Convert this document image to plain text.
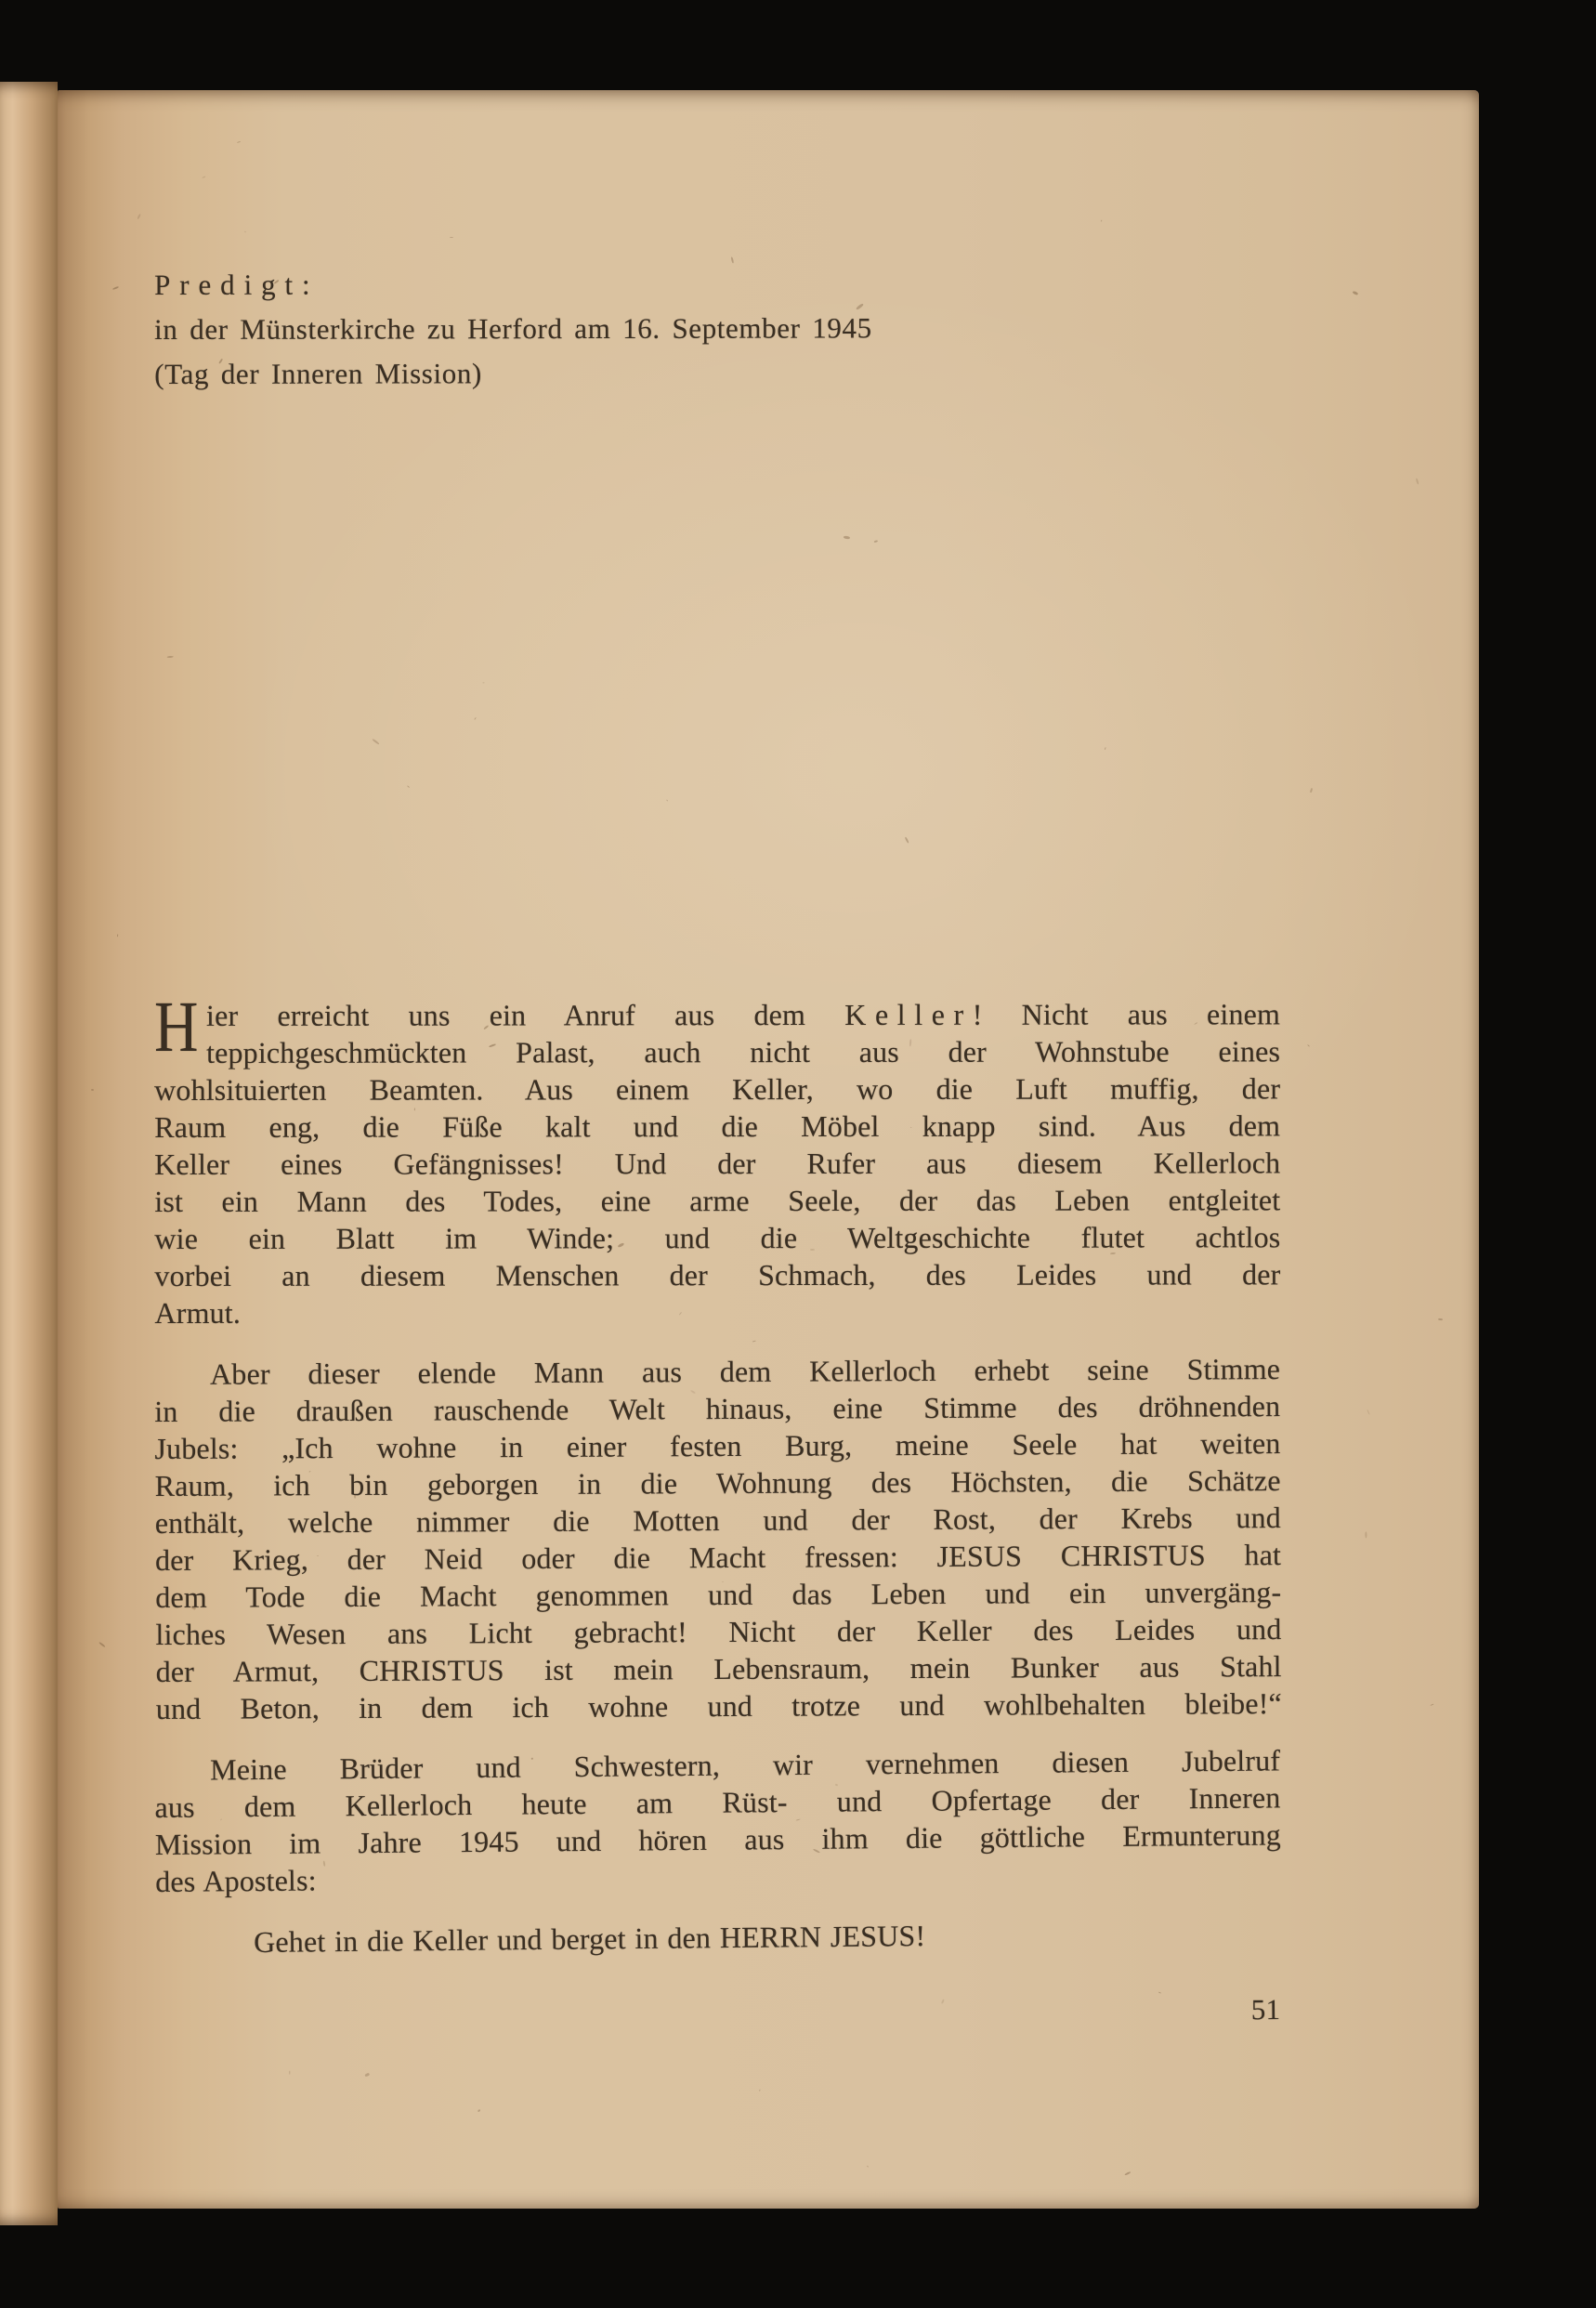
Predigt:
in der Münsterkirche zu Herford am 16. September 1945
(Tag der Inneren Mission)
H ier erreicht uns ein Anruf aus dem Keller! Nicht aus einem
teppichgeschmückten Palast, auch nicht aus der Wohnstube eines
wohlsituierten Beamten. Aus einem Keller, wo die Luft muffig, der
Raum eng, die Füße kalt und die Möbel knapp sind. Aus dem
Keller eines Gefängnisses! Und der Rufer aus diesem Kellerloch
ist ein Mann des Todes, eine arme Seele, der das Leben entgleitet
wie ein Blatt im Winde; und die Weltgeschichte flutet achtlos
vorbei an diesem Menschen der Schmach, des Leides und der
Armut.
Aber dieser elende Mann aus dem Kellerloch erhebt seine Stimme
in die draußen rauschende Welt hinaus, eine Stimme des dröhnenden
Jubels: „Ich wohne in einer festen Burg, meine Seele hat weiten
Raum, ich bin geborgen in die Wohnung des Höchsten, die Schätze
enthält, welche nimmer die Motten und der Rost, der Krebs und
der Krieg, der Neid oder die Macht fressen: JESUS CHRISTUS hat
dem Tode die Macht genommen und das Leben und ein unvergäng-
liches Wesen ans Licht gebracht! Nicht der Keller des Leides und
der Armut, CHRISTUS ist mein Lebensraum, mein Bunker aus Stahl
und Beton, in dem ich wohne und trotze und wohlbehalten bleibe!“
Meine Brüder und Schwestern, wir vernehmen diesen Jubelruf
aus dem Kellerloch heute am Rüst- und Opfertage der Inneren
Mission im Jahre 1945 und hören aus ihm die göttliche Ermunterung
des Apostels:
Gehet in die Keller und berget in den HERRN JESUS!
51
